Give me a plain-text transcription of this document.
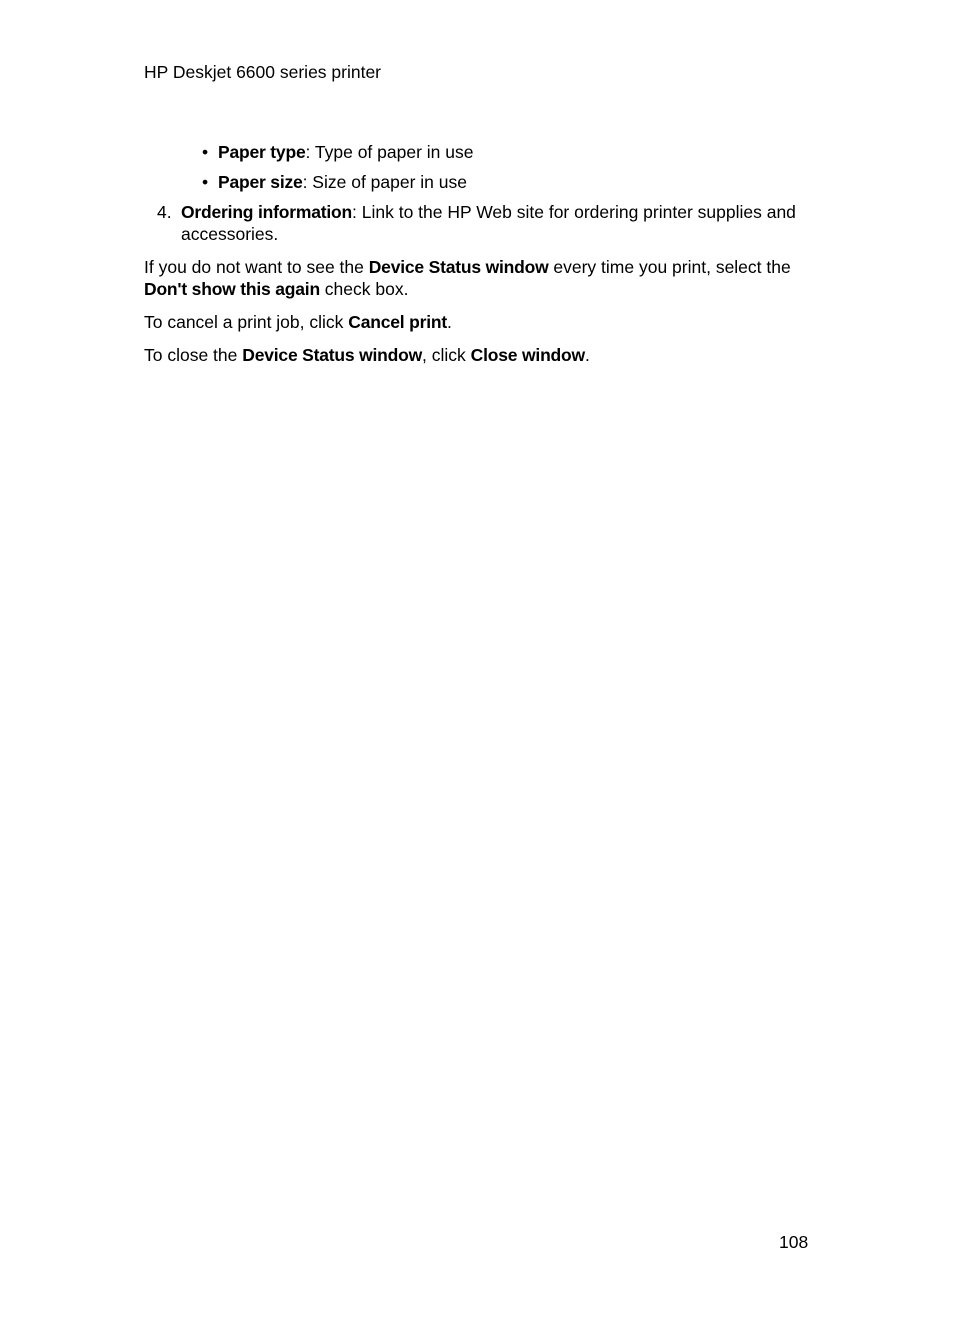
HP Deskjet 6600 series printer
• Paper type: Type of paper in use
• Paper size: Size of paper in use
4. Ordering information: Link to the HP Web site for ordering printer supplies and accessories.

If you do not want to see the Device Status window every time you print, select the Don't show this again check box.

To cancel a print job, click Cancel print.

To close the Device Status window, click Close window.

108
